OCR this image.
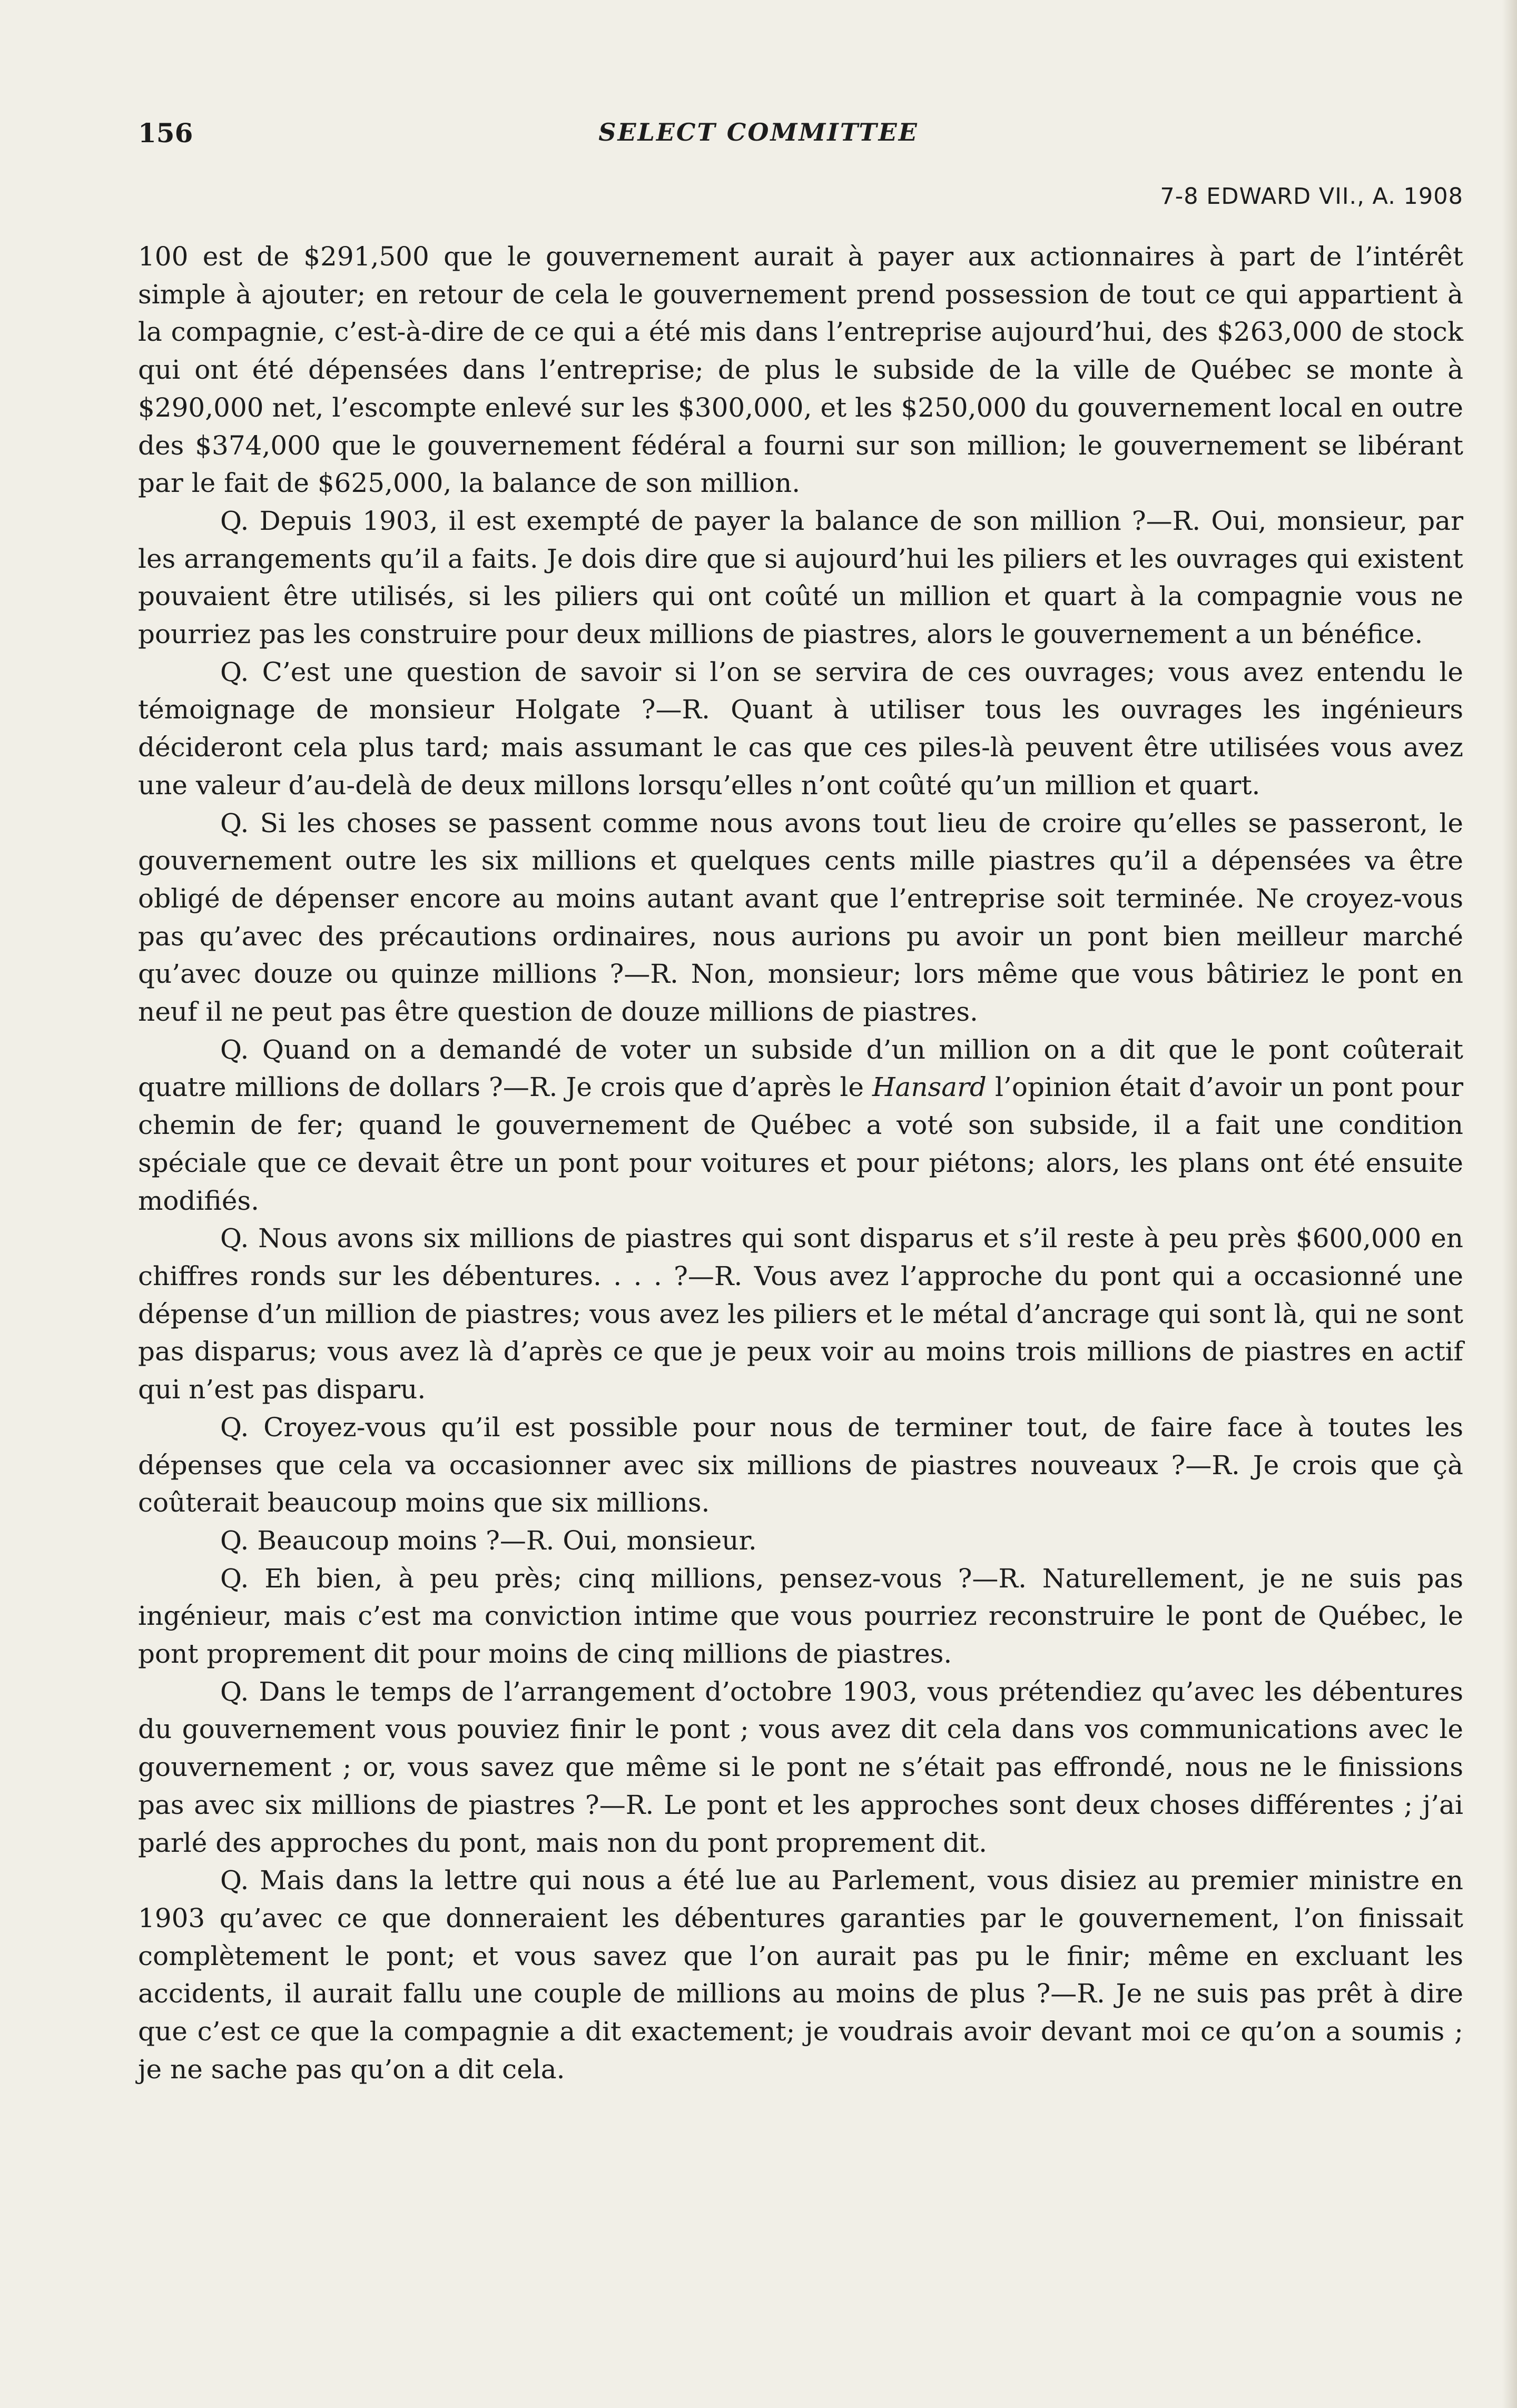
156	SELECT COMMITTEE
7-8 EDWARD VII., A. 1908

100 est de $291,500 que le gouvernement aurait à payer aux actionnaires à part de l’intérêt simple à ajouter; en retour de cela le gouvernement prend possession de tout ce qui appartient à la compagnie, c’est-à-dire de ce qui a été mis dans l’entreprise aujourd’hui, des $263,000 de stock qui ont été dépensées dans l’entreprise; de plus le subside de la ville de Québec se monte à $290,000 net, l’escompte enlevé sur les $300,000, et les $250,000 du gouvernement local en outre des $374,000 que le gouvernement fédéral a fourni sur son million; le gouvernement se libérant par le fait de $625,000, la balance de son million.

Q. Depuis 1903, il est exempté de payer la balance de son million ?—R. Oui, monsieur, par les arrangements qu’il a faits. Je dois dire que si aujourd’hui les piliers et les ouvrages qui existent pouvaient être utilisés, si les piliers qui ont coûté un million et quart à la compagnie vous ne pourriez pas les construire pour deux millions de piastres, alors le gouvernement a un bénéfice.

Q. C’est une question de savoir si l’on se servira de ces ouvrages; vous avez entendu le témoignage de monsieur Holgate ?—R. Quant à utiliser tous les ouvrages les ingénieurs décideront cela plus tard; mais assumant le cas que ces piles-là peuvent être utilisées vous avez une valeur d’au-delà de deux millons lorsqu’elles n’ont coûté qu’un million et quart.

Q. Si les choses se passent comme nous avons tout lieu de croire qu’elles se passeront, le gouvernement outre les six millions et quelques cents mille piastres qu’il a dépensées va être obligé de dépenser encore au moins autant avant que l’entreprise soit terminée. Ne croyez-vous pas qu’avec des précautions ordinaires, nous aurions pu avoir un pont bien meilleur marché qu’avec douze ou quinze millions ?—R. Non, monsieur; lors même que vous bâtiriez le pont en neuf il ne peut pas être question de douze millions de piastres.

Q. Quand on a demandé de voter un subside d’un million on a dit que le pont coûterait quatre millions de dollars ?—R. Je crois que d’après le Hansard l’opinion était d’avoir un pont pour chemin de fer; quand le gouvernement de Québec a voté son subside, il a fait une condition spéciale que ce devait être un pont pour voitures et pour piétons; alors, les plans ont été ensuite modifiés.

Q. Nous avons six millions de piastres qui sont disparus et s’il reste à peu près $600,000 en chiffres ronds sur les débentures. . . . ?—R. Vous avez l’approche du pont qui a occasionné une dépense d’un million de piastres; vous avez les piliers et le métal d’ancrage qui sont là, qui ne sont pas disparus; vous avez là d’après ce que je peux voir au moins trois millions de piastres en actif qui n’est pas disparu.

Q. Croyez-vous qu’il est possible pour nous de terminer tout, de faire face à toutes les dépenses que cela va occasionner avec six millions de piastres nouveaux ?—R. Je crois que çà coûterait beaucoup moins que six millions.

Q. Beaucoup moins ?—R. Oui, monsieur.

Q. Eh bien, à peu près; cinq millions, pensez-vous ?—R. Naturellement, je ne suis pas ingénieur, mais c’est ma conviction intime que vous pourriez reconstruire le pont de Québec, le pont proprement dit pour moins de cinq millions de piastres.

Q. Dans le temps de l’arrangement d’octobre 1903, vous prétendiez qu’avec les débentures du gouvernement vous pouviez finir le pont ; vous avez dit cela dans vos communications avec le gouvernement ; or, vous savez que même si le pont ne s’était pas effrondé, nous ne le finissions pas avec six millions de piastres ?—R. Le pont et les approches sont deux choses différentes ; j’ai parlé des approches du pont, mais non du pont proprement dit.

Q. Mais dans la lettre qui nous a été lue au Parlement, vous disiez au premier ministre en 1903 qu’avec ce que donneraient les débentures garanties par le gouvernement, l’on finissait complètement le pont; et vous savez que l’on aurait pas pu le finir; même en excluant les accidents, il aurait fallu une couple de millions au moins de plus ?—R. Je ne suis pas prêt à dire que c’est ce que la compagnie a dit exactement; je voudrais avoir devant moi ce qu’on a soumis ; je ne sache pas qu’on a dit cela.
